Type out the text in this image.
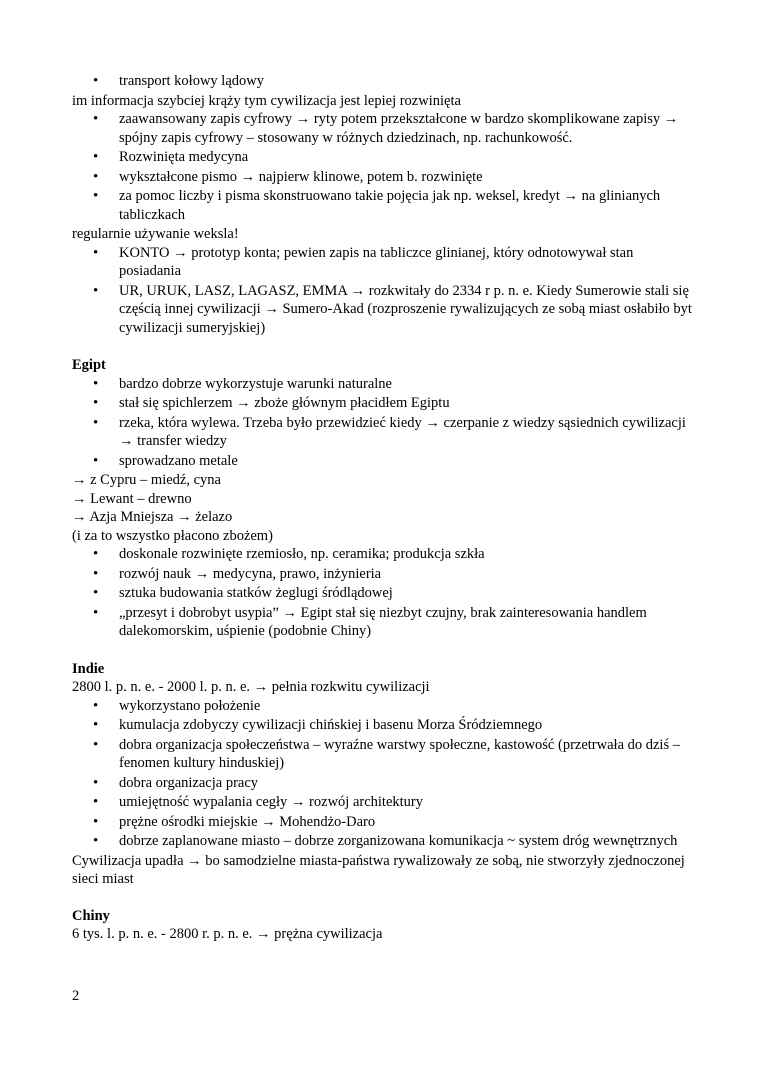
• transport kołowy lądowy

im informacja szybciej krąży tym cywilizacja jest lepiej rozwinięta

• zaawansowany zapis cyfrowy → ryty potem przekształcone w bardzo skomplikowane zapisy → spójny zapis cyfrowy – stosowany w różnych dziedzinach, np. rachunkowość.
• Rozwinięta medycyna
• wykształcone pismo → najpierw klinowe, potem b. rozwinięte
• za pomoc liczby i pisma skonstruowano takie pojęcia jak np. weksel, kredyt → na glinianych tabliczkach

regularnie używanie weksla!

• KONTO → prototyp konta; pewien zapis na tabliczce glinianej, który odnotowywał stan posiadania
• UR, URUK, LASZ, LAGASZ, EMMA → rozkwitały do 2334 r p. n. e. Kiedy Sumerowie stali się częścią innej cywilizacji → Sumero-Akad (rozproszenie rywalizujących ze sobą miast osłabiło byt cywilizacji sumeryjskiej)

Egipt

• bardzo dobrze wykorzystuje warunki naturalne
• stał się spichlerzem → zboże głównym płacidłem Egiptu
• rzeka, która wylewa. Trzeba było przewidzieć kiedy → czerpanie z wiedzy sąsiednich cywilizacji → transfer wiedzy
• sprowadzano metale

→ z Cypru – miedź, cyna

→ Lewant – drewno

→ Azja Mniejsza → żelazo

(i za to wszystko płacono zbożem)

• doskonale rozwinięte rzemiosło, np. ceramika; produkcja szkła
• rozwój nauk → medycyna, prawo, inżynieria
• sztuka budowania statków żeglugi śródlądowej
• „przesyt i dobrobyt usypia” → Egipt stał się niezbyt czujny, brak zainteresowania handlem dalekomorskim, uśpienie (podobnie Chiny)

Indie

2800 l. p. n. e. - 2000 l. p. n. e. → pełnia rozkwitu cywilizacji

• wykorzystano położenie
• kumulacja zdobyczy cywilizacji chińskiej i basenu Morza Śródziemnego
• dobra organizacja społeczeństwa – wyraźne warstwy społeczne, kastowość (przetrwała do dziś – fenomen kultury hinduskiej)
• dobra organizacja pracy
• umiejętność wypalania cegły → rozwój architektury
• prężne ośrodki miejskie → Mohendżo-Daro
• dobrze zaplanowane miasto – dobrze zorganizowana komunikacja ~ system dróg wewnętrznych

Cywilizacja upadła → bo samodzielne miasta-państwa rywalizowały ze sobą, nie stworzyły zjednoczonej sieci miast

Chiny

6 tys. l. p. n. e. - 2800 r. p. n. e. → prężna cywilizacja

2
